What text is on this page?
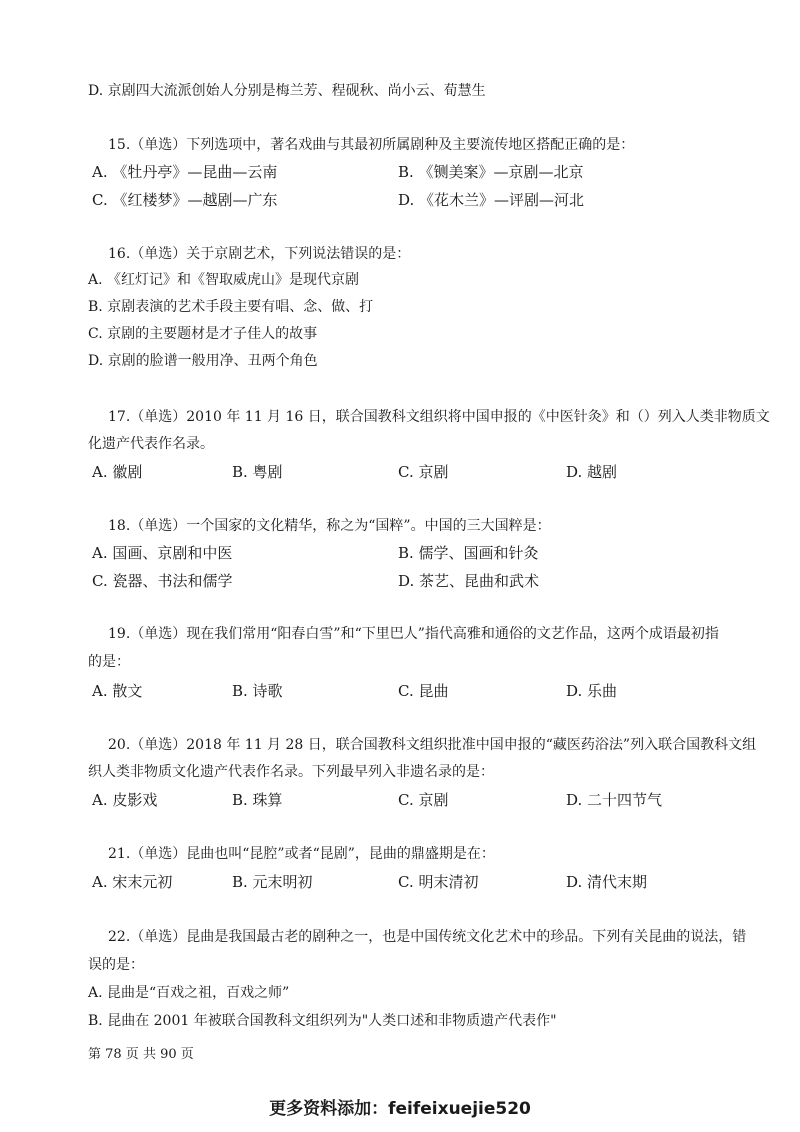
D. 京剧四大流派创始人分别是梅兰芳、程砚秋、尚小云、荀慧生
15.（单选）下列选项中，著名戏曲与其最初所属剧种及主要流传地区搭配正确的是：
A. 《牡丹亭》—昆曲—云南	B. 《铡美案》—京剧—北京
C. 《红楼梦》—越剧—广东	D. 《花木兰》—评剧—河北
16.（单选）关于京剧艺术，下列说法错误的是：
A. 《红灯记》和《智取威虎山》是现代京剧
B. 京剧表演的艺术手段主要有唱、念、做、打
C. 京剧的主要题材是才子佳人的故事
D. 京剧的脸谱一般用净、丑两个角色
17.（单选）2010 年 11 月 16 日，联合国教科文组织将中国申报的《中医针灸》和（）列入人类非物质文
化遗产代表作名录。
A. 徽剧	B. 粤剧	C. 京剧	D. 越剧
18.（单选）一个国家的文化精华，称之为“国粹”。中国的三大国粹是：
A. 国画、京剧和中医	B. 儒学、国画和针灸
C. 瓷器、书法和儒学	D. 茶艺、昆曲和武术
19.（单选）现在我们常用“阳春白雪”和“下里巴人”指代高雅和通俗的文艺作品，这两个成语最初指
的是：
A. 散文	B. 诗歌	C. 昆曲	D. 乐曲
20.（单选）2018 年 11 月 28 日，联合国教科文组织批准中国申报的“藏医药浴法”列入联合国教科文组
织人类非物质文化遗产代表作名录。下列最早列入非遗名录的是：
A. 皮影戏	B. 珠算	C. 京剧	D. 二十四节气
21.（单选）昆曲也叫“昆腔”或者“昆剧”，昆曲的鼎盛期是在：
A. 宋末元初	B. 元末明初	C. 明末清初	D. 清代末期
22.（单选）昆曲是我国最古老的剧种之一，也是中国传统文化艺术中的珍品。下列有关昆曲的说法，错
误的是：
A. 昆曲是“百戏之祖，百戏之师”
B. 昆曲在 2001 年被联合国教科文组织列为"人类口述和非物质遗产代表作"
第 78 页 共 90 页
更多资料添加：feifeixuejie520
